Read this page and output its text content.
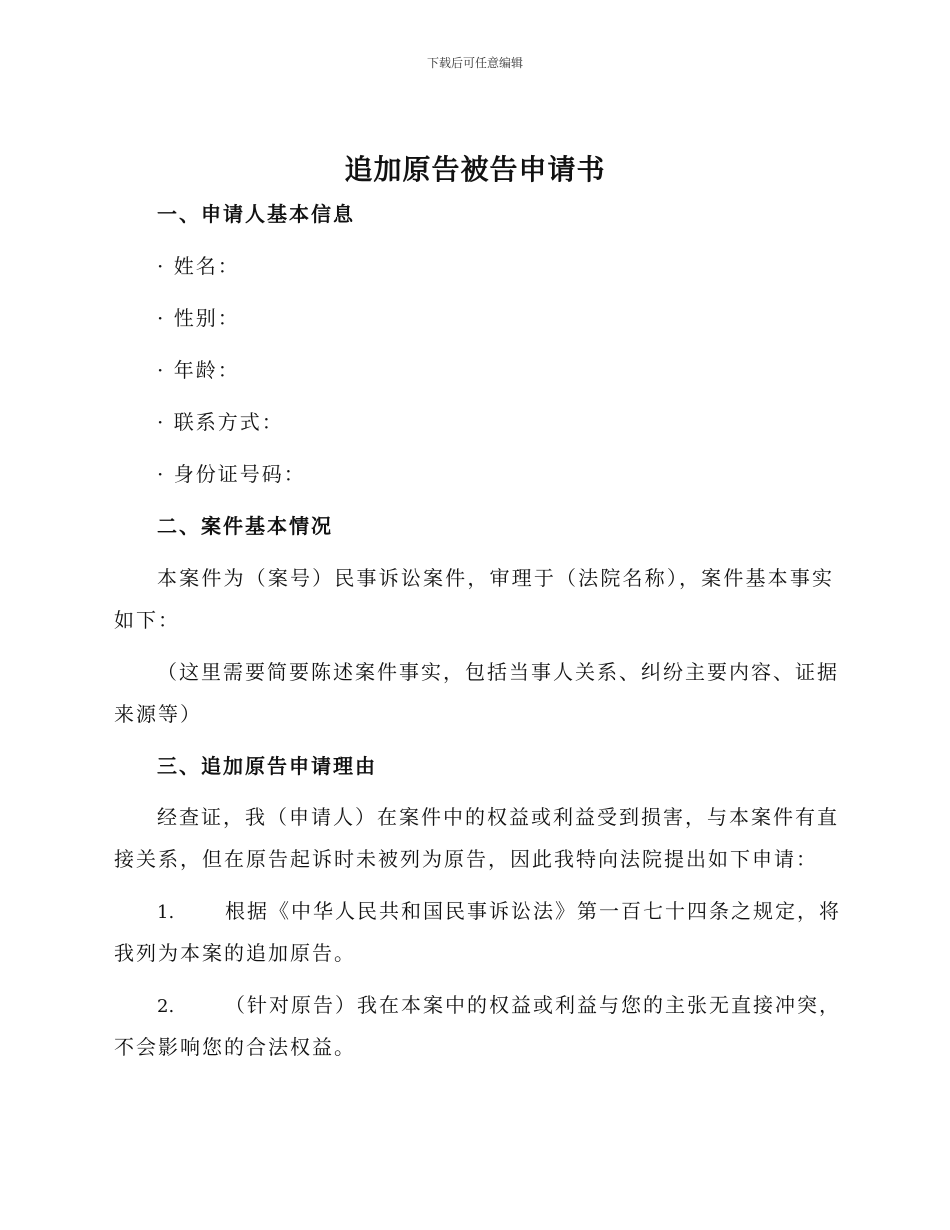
下载后可任意编辑
追加原告被告申请书
一、申请人基本信息
· 姓名：
· 性别：
· 年龄：
· 联系方式：
· 身份证号码：
二、案件基本情况
本案件为（案号）民事诉讼案件，审理于（法院名称），案件基本事实
如下：
（这里需要简要陈述案件事实，包括当事人关系、纠纷主要内容、证据
来源等）
三、追加原告申请理由
经查证，我（申请人）在案件中的权益或利益受到损害，与本案件有直
接关系，但在原告起诉时未被列为原告，因此我特向法院提出如下申请：
1.	根据《中华人民共和国民事诉讼法》第一百七十四条之规定，将
我列为本案的追加原告。
2.	（针对原告）我在本案中的权益或利益与您的主张无直接冲突，
不会影响您的合法权益。
